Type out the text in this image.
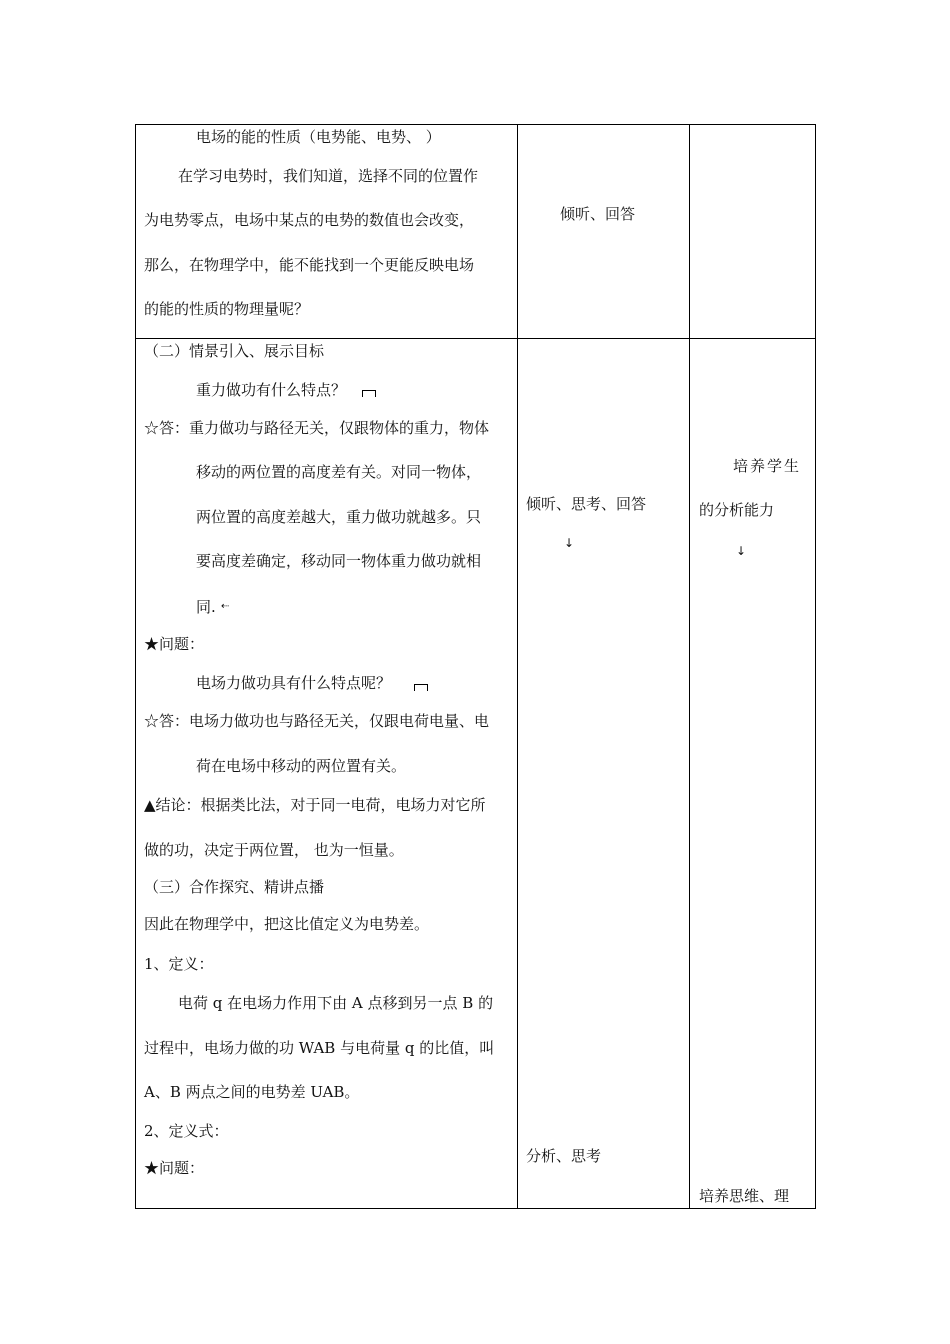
电场的能的性质（电势能、电势、 ）
在学习电势时，我们知道，选择不同的位置作
为电势零点，电场中某点的电势的数值也会改变，
那么，在物理学中，能不能找到一个更能反映电场
的能的性质的物理量呢？
倾听、回答
（二）情景引入、展示目标
重力做功有什么特点？
☆答：重力做功与路径无关，仅跟物体的重力，物体
移动的两位置的高度差有关。对同一物体，
两位置的高度差越大，重力做功就越多。只
要高度差确定，移动同一物体重力做功就相
同. ⇠
★问题：
电场力做功具有什么特点呢？
☆答：电场力做功也与路径无关，仅跟电荷电量、电
荷在电场中移动的两位置有关。
▲结论：根据类比法，对于同一电荷，电场力对它所
做的功，决定于两位置， 也为一恒量。
（三）合作探究、精讲点播
因此在物理学中，把这比值定义为电势差。
1、定义：
电荷 q 在电场力作用下由 A 点移到另一点 B 的
过程中，电场力做的功 WAB 与电荷量 q 的比值，叫
A、B 两点之间的电势差 UAB。
2、定义式：
★问题：
倾听、思考、回答
↓
分析、思考
培养学生
的分析能力
↓
培养思维、理
